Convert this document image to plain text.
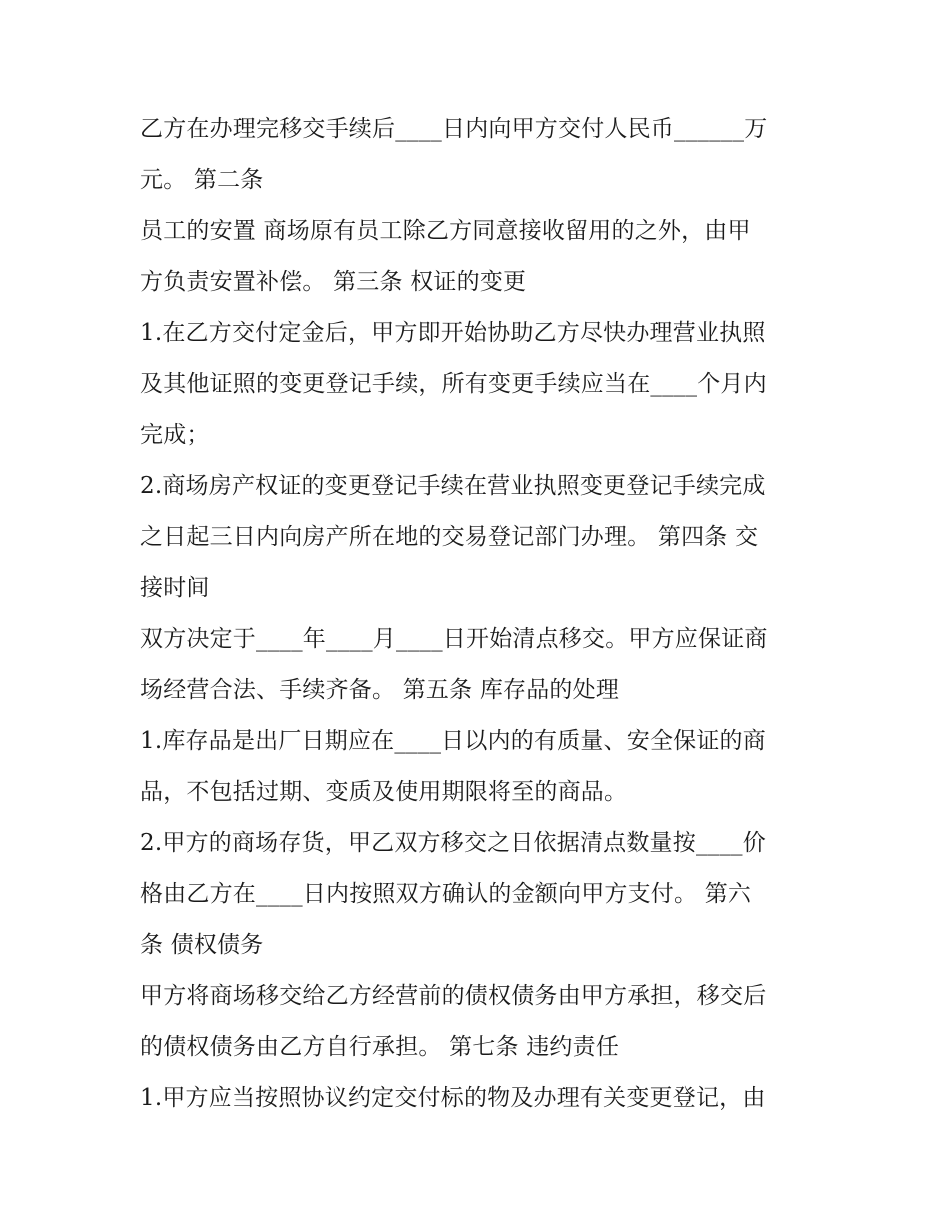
乙方在办理完移交手续后____日内向甲方交付人民币______万
元。 第二条
员工的安置 商场原有员工除乙方同意接收留用的之外，由甲
方负责安置补偿。 第三条 权证的变更
1.在乙方交付定金后，甲方即开始协助乙方尽快办理营业执照
及其他证照的变更登记手续，所有变更手续应当在____个月内
完成；
2.商场房产权证的变更登记手续在营业执照变更登记手续完成
之日起三日内向房产所在地的交易登记部门办理。 第四条 交
接时间
双方决定于____年____月____日开始清点移交。甲方应保证商
场经营合法、手续齐备。 第五条 库存品的处理
1.库存品是出厂日期应在____日以内的有质量、安全保证的商
品，不包括过期、变质及使用期限将至的商品。
2.甲方的商场存货，甲乙双方移交之日依据清点数量按____价
格由乙方在____日内按照双方确认的金额向甲方支付。 第六
条 债权债务
甲方将商场移交给乙方经营前的债权债务由甲方承担，移交后
的债权债务由乙方自行承担。 第七条 违约责任
1.甲方应当按照协议约定交付标的物及办理有关变更登记，由
